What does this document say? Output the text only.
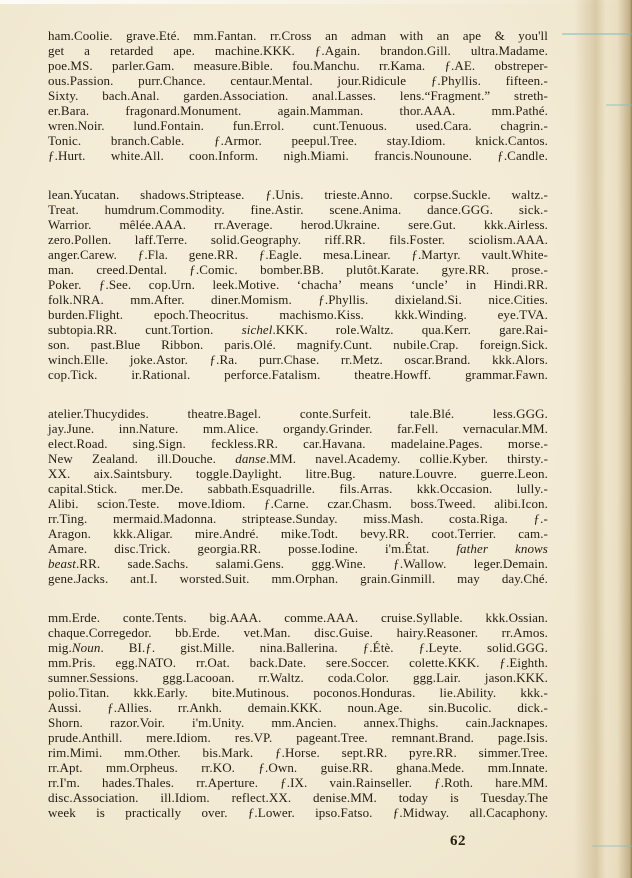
ham.Coolie. grave.Eté. mm.Fantan. rr.Cross an adman with an ape & you'll
get a retarded ape. machine.KKK. ƒ.Again. brandon.Gill. ultra.Madame.
poe.MS. parler.Gam. measure.Bible. fou.Manchu. rr.Kama. ƒ.AE. obstreper-
ous.Passion. purr.Chance. centaur.Mental. jour.Ridicule ƒ.Phyllis. fifteen.-
Sixty. bach.Anal. garden.Association. anal.Lasses. lens.“Fragment.” streth-
er.Bara.	fragonard.Monument.	again.Mamman.	thor.AAA.	mm.Pathé.
wren.Noir. lund.Fontain. fun.Errol. cunt.Tenuous. used.Cara. chagrin.-
Tonic. branch.Cable. ƒ.Armor. peepul.Tree. stay.Idiom. knick.Cantos.
ƒ.Hurt. white.All. coon.Inform. nigh.Miami. francis.Nounoune. ƒ.Candle.
lean.Yucatan. shadows.Striptease. ƒ.Unis. trieste.Anno. corpse.Suckle. waltz.-
Treat. humdrum.Commodity. fine.Astir. scene.Anima. dance.GGG. sick.-
Warrior. mêlée.AAA. rr.Average. herod.Ukraine. sere.Gut. kkk.Airless.
zero.Pollen. laff.Terre. solid.Geography. riff.RR. fils.Foster. sciolism.AAA.
anger.Carew. ƒ.Fla. gene.RR. ƒ.Eagle. mesa.Linear. ƒ.Martyr. vault.White-
man. creed.Dental. ƒ.Comic. bomber.BB. plutôt.Karate. gyre.RR. prose.-
Poker. ƒ.See. cop.Urn. leek.Motive. ‘chacha’ means ‘uncle’ in Hindi.RR.
folk.NRA. mm.After. diner.Momism. ƒ.Phyllis. dixieland.Si. nice.Cities.
burden.Flight. epoch.Theocritus. machismo.Kiss. kkk.Winding. eye.TVA.
subtopia.RR. cunt.Tortion. sichel.KKK. role.Waltz. qua.Kerr. gare.Rai-
son. past.Blue Ribbon. paris.Olé. magnify.Cunt. nubile.Crap. foreign.Sick.
winch.Elle. joke.Astor. ƒ.Ra. purr.Chase. rr.Metz. oscar.Brand. kkk.Alors.
cop.Tick.	ir.Rational.	perforce.Fatalism.	theatre.Howff.	grammar.Fawn.
atelier.Thucydides.	theatre.Bagel.	conte.Surfeit.	tale.Blé.	less.GGG.
jay.June. inn.Nature. mm.Alice. organdy.Grinder. far.Fell. vernacular.MM.
elect.Road. sing.Sign. feckless.RR. car.Havana. madelaine.Pages. morse.-
New Zealand. ill.Douche. danse.MM. navel.Academy. collie.Kyber. thirsty.-
XX. aix.Saintsbury. toggle.Daylight. litre.Bug. nature.Louvre. guerre.Leon.
capital.Stick. mer.De. sabbath.Esquadrille. fils.Arras. kkk.Occasion. lully.-
Alibi. scion.Teste. move.Idiom. ƒ.Carne. czar.Chasm. boss.Tweed. alibi.Icon.
rr.Ting. mermaid.Madonna. striptease.Sunday. miss.Mash. costa.Riga. ƒ.-
Aragon. kkk.Aligar. mire.André. mike.Todt. bevy.RR. coot.Terrier. cam.-
Amare. disc.Trick. georgia.RR. posse.Iodine. i'm.État. father knows
beast.RR. sade.Sachs. salami.Gens. ggg.Wine. ƒ.Wallow. leger.Demain.
gene.Jacks. ant.I. worsted.Suit. mm.Orphan. grain.Ginmill. may day.Ché.
mm.Erde. conte.Tents. big.AAA. comme.AAA. cruise.Syllable. kkk.Ossian.
chaque.Corregedor. bb.Erde. vet.Man. disc.Guise. hairy.Reasoner. rr.Amos.
mig.Noun. BI.ƒ. gist.Mille. nina.Ballerina. ƒ.Étè. ƒ.Leyte. solid.GGG.
mm.Pris. egg.NATO. rr.Oat. back.Date. sere.Soccer. colette.KKK. ƒ.Eighth.
sumner.Sessions. ggg.Lacooan. rr.Waltz. coda.Color. ggg.Lair. jason.KKK.
polio.Titan. kkk.Early. bite.Mutinous. poconos.Honduras. lie.Ability. kkk.-
Aussi. ƒ.Allies. rr.Ankh. demain.KKK. noun.Age. sin.Bucolic. dick.-
Shorn. razor.Voir. i'm.Unity. mm.Ancien. annex.Thighs. cain.Jacknapes.
prude.Anthill. mere.Idiom. res.VP. pageant.Tree. remnant.Brand. page.Isis.
rim.Mimi. mm.Other. bis.Mark. ƒ.Horse. sept.RR. pyre.RR. simmer.Tree.
rr.Apt. mm.Orpheus. rr.KO. ƒ.Own. guise.RR. ghana.Mede. mm.Innate.
rr.I'm. hades.Thales. rr.Aperture. ƒ.IX. vain.Rainseller. ƒ.Roth. hare.MM.
disc.Association. ill.Idiom. reflect.XX. denise.MM. today is Tuesday.The
week is practically over. ƒ.Lower. ipso.Fatso. ƒ.Midway. all.Cacaphony.
62
